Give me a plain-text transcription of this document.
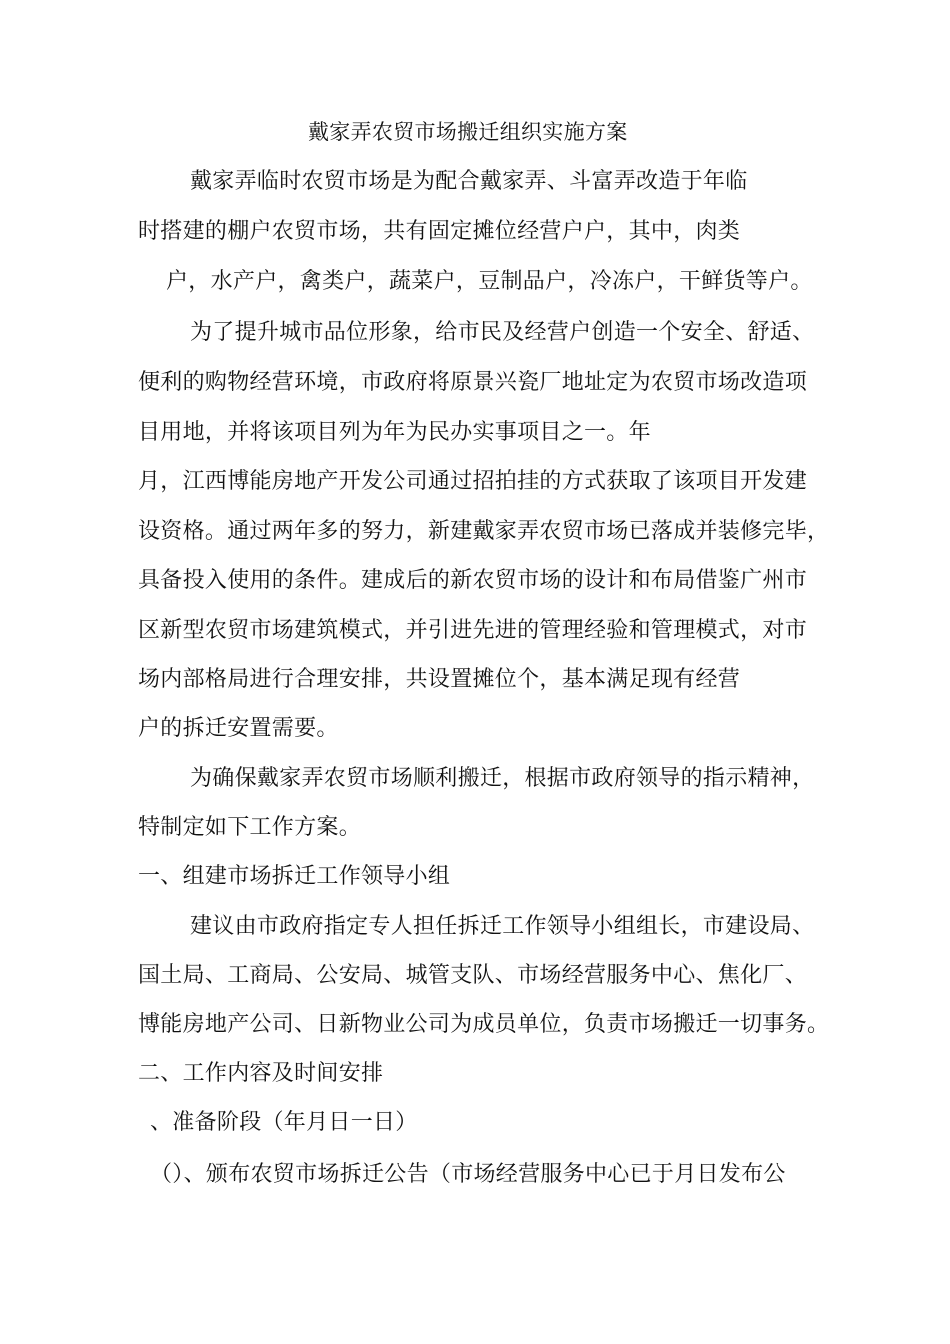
戴家弄农贸市场搬迁组织实施方案
戴家弄临时农贸市场是为配合戴家弄、斗富弄改造于年临
时搭建的棚户农贸市场，共有固定摊位经营户户，其中，肉类
户，水产户，禽类户，蔬菜户，豆制品户，冷冻户，干鲜货等户。
为了提升城市品位形象，给市民及经营户创造一个安全、舒适、
便利的购物经营环境，市政府将原景兴瓷厂地址定为农贸市场改造项
目用地，并将该项目列为年为民办实事项目之一。年
月，江西博能房地产开发公司通过招拍挂的方式获取了该项目开发建
设资格。通过两年多的努力，新建戴家弄农贸市场已落成并装修完毕，
具备投入使用的条件。建成后的新农贸市场的设计和布局借鉴广州市
区新型农贸市场建筑模式，并引进先进的管理经验和管理模式，对市
场内部格局进行合理安排，共设置摊位个，基本满足现有经营
户的拆迁安置需要。
为确保戴家弄农贸市场顺利搬迁，根据市政府领导的指示精神，
特制定如下工作方案。
一、组建市场拆迁工作领导小组
建议由市政府指定专人担任拆迁工作领导小组组长，市建设局、
国土局、工商局、公安局、城管支队、市场经营服务中心、焦化厂、
博能房地产公司、日新物业公司为成员单位，负责市场搬迁一切事务。
二、工作内容及时间安排
、准备阶段（年月日一日）
（）、颁布农贸市场拆迁公告（市场经营服务中心已于月日发布公
